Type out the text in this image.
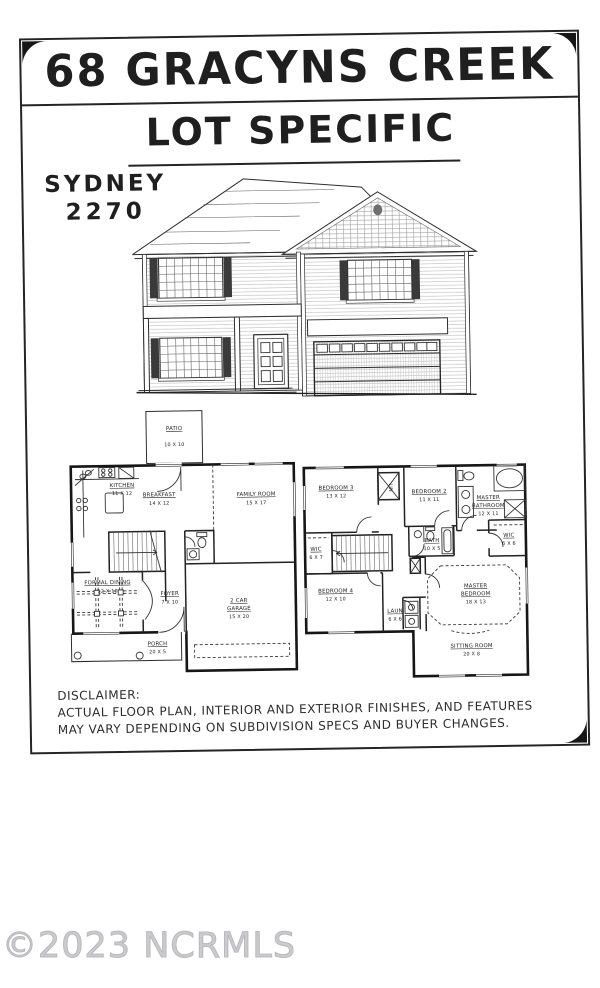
68 GRACYNS CREEK
LOT SPECIFIC
SYDNEY
2270
PATIO
10 X 10
KITCHEN
11 X 12 BREAKFAST
14 X 12
FAMILY ROOM
15 X 17
FORMAL DINING
12 X 10	FOYER
7 X 10	2 CAR
GARAGE
15 X 20
PORCH
20 X 5
BEDROOM 3
13 X 12
BEDROOM 2
11 X 11	MASTER
BATHROOM
12 X 11
WIC
6 X 7
BATH
10 X 5
WIC
6 X 6
BEDROOM 4
12 X 10
LAUN
6 X 6
MASTER
BEDROOM
18 X 13
SITTING ROOM
20 X 8
LIN
DISCLAIMER:
ACTUAL FLOOR PLAN, INTERIOR AND EXTERIOR FINISHES, AND FEATURES
MAY VARY DEPENDING ON SUBDIVISION SPECS AND BUYER CHANGES.
©2023 NCRMLS
